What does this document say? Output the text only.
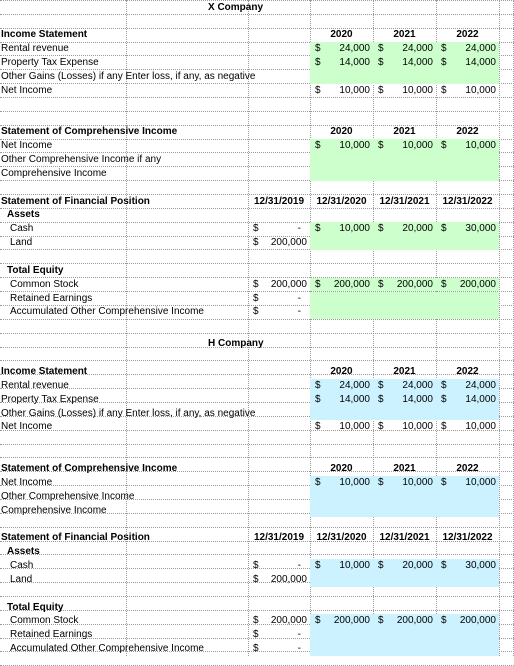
X Company
Income Statement	2020	2021	2022
Rental revenue	$ 24,000 $ 24,000 $ 24,000
Property Tax Expense	$ 14,000 $ 14,000 $ 14,000
Other Gains (Losses) if any Enter loss, if any, as negative
Net Income	$ 10,000 $ 10,000 $ 10,000
Statement of Comprehensive Income	2020	2021	2022
Net Income	$ 10,000 $ 10,000 $ 10,000
Other Comprehensive Income if any
Comprehensive Income
Statement of Financial Position	12/31/2019	12/31/2020	12/31/2021	12/31/2022
Assets
Cash	$	-	$ 10,000 $ 20,000 $ 30,000
Land	$ 200,000
Total Equity
Common Stock	$ 200,000 $ 200,000 $ 200,000 $ 200,000
Retained Earnings	$	-
Accumulated Other Comprehensive Income	$	-
H Company
Income Statement	2020	2021	2022
Rental revenue	$ 24,000 $ 24,000 $ 24,000
Property Tax Expense	$ 14,000 $ 14,000 $ 14,000
Other Gains (Losses) if any Enter loss, if any, as negative
Net Income	$ 10,000 $ 10,000 $ 10,000
Statement of Comprehensive Income	2020	2021	2022
Net Income	$ 10,000 $ 10,000 $ 10,000
Other Comprehensive Income
Comprehensive Income
Statement of Financial Position	12/31/2019	12/31/2020	12/31/2021	12/31/2022
Assets
Cash	$	-	$ 10,000 $ 20,000 $ 30,000
Land	$ 200,000
Total Equity
Common Stock	$ 200,000 $ 200,000 $ 200,000 $ 200,000
Retained Earnings	$	-
Accumulated Other Comprehensive Income	$	-
